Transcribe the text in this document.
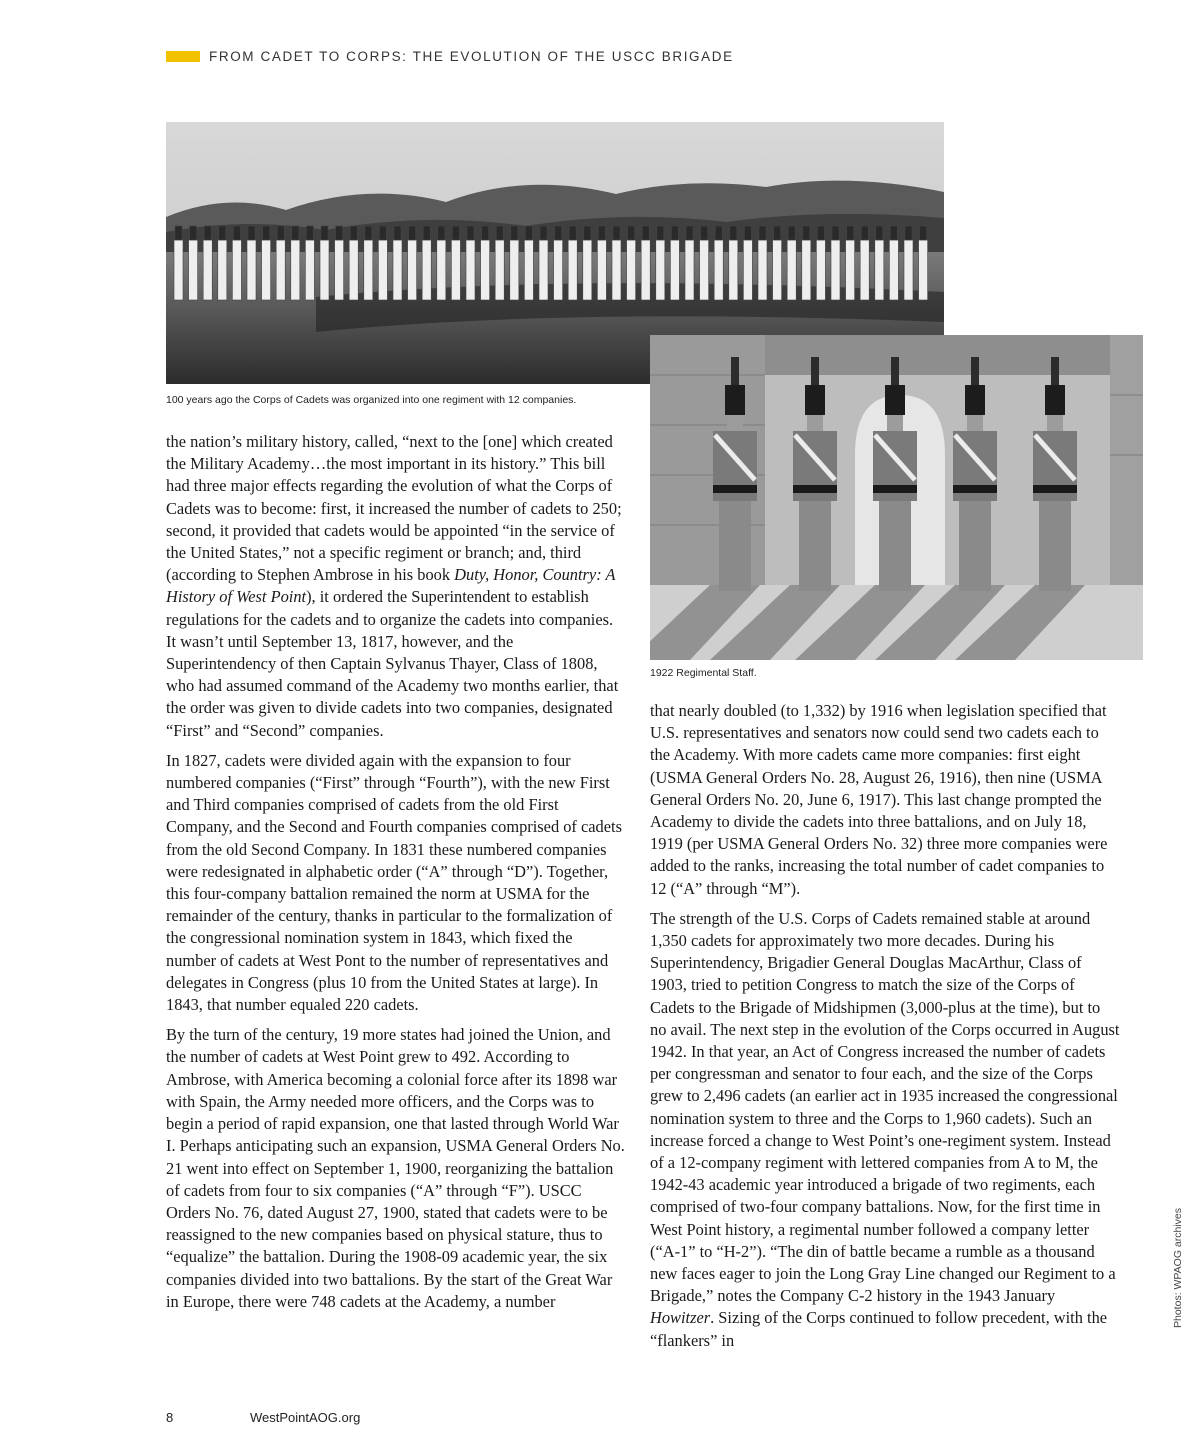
FROM CADET TO CORPS: THE EVOLUTION OF THE USCC BRIGADE
100 years ago the Corps of Cadets was organized into one regiment with 12 companies.
1922 Regimental Staff.

the nation’s military history, called, “next to the [one] which created the Military Academy…the most important in its history.” This bill had three major effects regarding the evolution of what the Corps of Cadets was to become: first, it increased the number of cadets to 250; second, it provided that cadets would be appointed “in the service of the United States,” not a specific regiment or branch; and, third (according to Stephen Ambrose in his book Duty, Honor, Country: A History of West Point), it ordered the Superintendent to establish regulations for the cadets and to organize the cadets into companies. It wasn’t until September 13, 1817, however, and the Superintendency of then Captain Sylvanus Thayer, Class of 1808, who had assumed command of the Academy two months earlier, that the order was given to divide cadets into two companies, designated “First” and “Second” companies.

In 1827, cadets were divided again with the expansion to four numbered companies (“First” through “Fourth”), with the new First and Third companies comprised of cadets from the old First Company, and the Second and Fourth companies comprised of cadets from the old Second Company. In 1831 these numbered companies were redesignated in alphabetic order (“A” through “D”). Together, this four-company battalion remained the norm at USMA for the remainder of the century, thanks in particular to the formalization of the congressional nomination system in 1843, which fixed the number of cadets at West Pont to the number of representatives and delegates in Congress (plus 10 from the United States at large). In 1843, that number equaled 220 cadets.

By the turn of the century, 19 more states had joined the Union, and the number of cadets at West Point grew to 492. According to Ambrose, with America becoming a colonial force after its 1898 war with Spain, the Army needed more officers, and the Corps was to begin a period of rapid expansion, one that lasted through World War I. Perhaps anticipating such an expansion, USMA General Orders No. 21 went into effect on September 1, 1900, reorganizing the battalion of cadets from four to six companies (“A” through “F”). USCC Orders No. 76, dated August 27, 1900, stated that cadets were to be reassigned to the new companies based on physical stature, thus to “equalize” the battalion. During the 1908-09 academic year, the six companies divided into two battalions. By the start of the Great War in Europe, there were 748 cadets at the Academy, a number

that nearly doubled (to 1,332) by 1916 when legislation specified that U.S. representatives and senators now could send two cadets each to the Academy. With more cadets came more companies: first eight (USMA General Orders No. 28, August 26, 1916), then nine (USMA General Orders No. 20, June 6, 1917). This last change prompted the Academy to divide the cadets into three battalions, and on July 18, 1919 (per USMA General Orders No. 32) three more companies were added to the ranks, increasing the total number of cadet companies to 12 (“A” through “M”).

The strength of the U.S. Corps of Cadets remained stable at around 1,350 cadets for approximately two more decades. During his Superintendency, Brigadier General Douglas MacArthur, Class of 1903, tried to petition Congress to match the size of the Corps of Cadets to the Brigade of Midshipmen (3,000-plus at the time), but to no avail. The next step in the evolution of the Corps occurred in August 1942. In that year, an Act of Congress increased the number of cadets per congressman and senator to four each, and the size of the Corps grew to 2,496 cadets (an earlier act in 1935 increased the congressional nomination system to three and the Corps to 1,960 cadets). Such an increase forced a change to West Point’s one-regiment system. Instead of a 12-company regiment with lettered companies from A to M, the 1942-43 academic year introduced a brigade of two regiments, each comprised of two-four company battalions. Now, for the first time in West Point history, a regimental number followed a company letter (“A-1” to “H-2”). “The din of battle became a rumble as a thousand new faces eager to join the Long Gray Line changed our Regiment to a Brigade,” notes the Company C-2 history in the 1943 January Howitzer. Sizing of the Corps continued to follow precedent, with the “flankers” in

Photos: WPAOG archives
8	WestPointAOG.org
